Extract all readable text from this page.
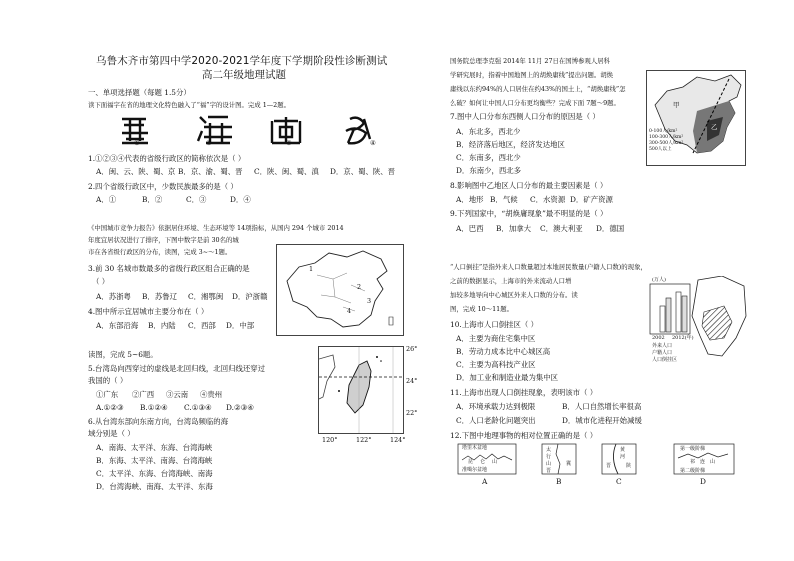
乌鲁木齐市第四中学2020-2021学年度下学期阶段性诊断测试
高二年级地理试题
一、单项选择题（每题 1.5分）
读下面福字在省的地理文化特色融入了“福”字的设计图。完成 1—2题。
①	②	③	④
1.①②③④代表的省级行政区的简称依次是（ ）
A．闽、云、陕、蜀、京 B．京、渝、蜀、晋 C．陕、闽、蜀、滇 D．京、蜀、陕、晋
2.四个省级行政区中，少数民族最多的是（ ）
A．①	B．②	C．③	D．④
《中国城市竞争力报告》依据居住环境、生态环境等 14项指标，从国内 294 个城市 2014
年度宜居状况进行了排序，下图中数字是前 30名的城
市在各省级行政区的分布，读图，完成 3~～1题。
3.前 30 名城市数最多的省级行政区组合正确的是
（ ）
A．苏浙粤 B．苏鲁辽 C．湘鄂闽 D．沪浙赣
4.图中所示宜居城市主要分布在（ ）
A．东部沿海 B．内陆 C．西部 D．中部
1
2
3
4
读图，完成 5~6题。
5.台湾岛向西穿过的虚线是北回归线，北回归线还穿过
我国的（ ）
①广东 ②广西 ③云南 ④贵州
A.①②③ B.①②④ C.①③④ D.②③④
6.从台湾东部向东南方向，台湾岛频临的海
域分别是（ ）
A．南海、太平洋、东海、台湾海峡
B．东海、太平洋、南海、台湾海峡
C．太平洋、东海、台湾海峡、南海
D．台湾海峡、南海、太平洋、东海
26°
24°
22°
120°	122°	124°
国务院总理李克强 2014年 11月 27日在国博参观人居科
学研究展时，指着中国地图上的胡焕庸线”提出问题。胡焕
庸线以东约94%的人口居住在约43%的国土上，“胡焕庸线”怎
么破？如何让中国人口分布更均衡些？完成下面 7题～9题。
7.图中人口分布东西侧人口分布的原因是（ ）
A．东北多，西北少
B．经济落后地区，经济发达地区
C．东南多，西北少
D．东南少，西北多
8.影响图中乙地区人口分布的最主要因素是（ ）
A．地形 B．气候 C．水资源 D．矿产资源
9.下列国家中，“胡焕庸现象”最不明显的是（ ）
A．巴西 B．加拿大 C．澳大利亚 D．德国
甲
乙
0-100人/km²
100-300人/km²
300-500人/km²
500人以上
“人口倒挂”是指外来人口数量超过本地居民数量(户籍人口数)的现象，
之前的数据显示，上海市的外来流动人口增
加较多地导向中心城区外来人口数的分布。读
图，完成 10～11题。
(万人)
2002 2012(年)
外来人口
户籍人口
人口倒挂区
10.上海市人口倒挂区（ ）
A．主要为商住宅集中区
B．劳动力成本比中心城区高
C．主要为高科技产业区
D．加工业和制造业最为集中区
11.上海市出现人口倒挂现象，表明该市（ ）
A．环境承载力达到极限	B．人口自然增长率很高
C．人口老龄化问题突出	D．城市化进程开始减缓
12.下图中地理事物的相对位置正确的是（ ）
塔里木盆地
昆 仑 山
准噶尔盆地
太
行
山
晋
冀
黄
河
晋	陕
第一级阶梯
祁 连 山
第二级阶梯
A	B	C	D
